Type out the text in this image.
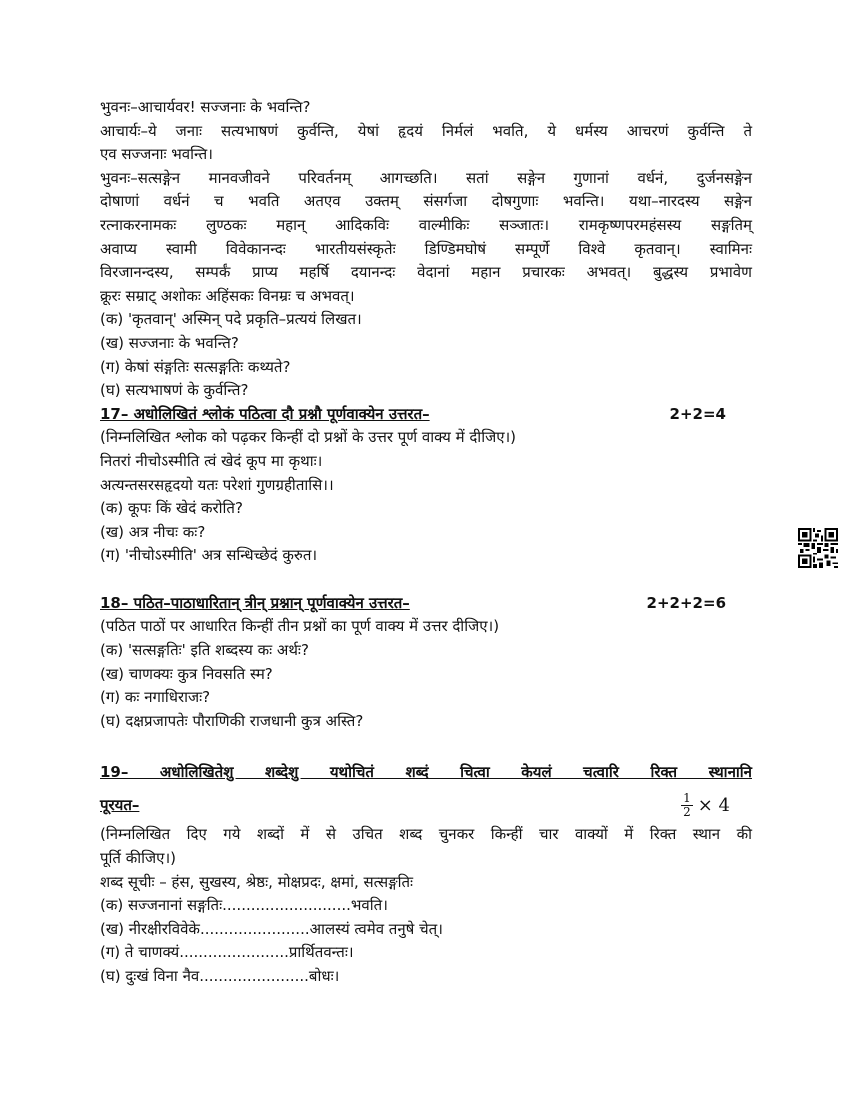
भुवनः–आचार्यवर! सज्जनाः के भवन्ति?
आचार्यः–ये जनाः सत्यभाषणं कुर्वन्ति, येषां हृदयं निर्मलं भवति, ये धर्मस्य आचरणं कुर्वन्ति ते
एव सज्जनाः भवन्ति।
भुवनः–सत्सङ्गेन मानवजीवने परिवर्तनम् आगच्छति। सतां सङ्गेन गुणानां वर्धनं, दुर्जनसङ्गेन
दोषाणां वर्धनं च भवति अतएव उक्तम् संसर्गजा दोषगुणाः भवन्ति। यथा–नारदस्य सङ्गेन
रत्नाकरनामकः लुण्ठकः महान् आदिकविः वाल्मीकिः सञ्जातः। रामकृष्णपरमहंसस्य सङ्गतिम्
अवाप्य स्वामी विवेकानन्दः भारतीयसंस्कृतेः डिण्डिमघोषं सम्पूर्णे विश्वे कृतवान्। स्वामिनः
विरजानन्दस्य, सम्पर्कं प्राप्य महर्षि दयानन्दः वेदानां महान प्रचारकः अभवत्। बुद्धस्य प्रभावेण
क्रूरः सम्राट् अशोकः अहिंसकः विनम्रः च अभवत्।
(क) 'कृतवान्' अस्मिन् पदे प्रकृति–प्रत्ययं लिखत।
(ख) सज्जनाः के भवन्ति?
(ग) केषां संङ्गतिः सत्सङ्गतिः कथ्यते?
(घ) सत्यभाषणं के कुर्वन्ति?
17– अधोलिखितं श्लोकं पठित्वा दौ प्रश्नौ पूर्णवाक्येन उत्तरत–	2+2=4
(निम्नलिखित श्लोक को पढ़कर किन्हीं दो प्रश्नों के उत्तर पूर्ण वाक्य में दीजिए।)
नितरां नीचोऽस्मीति त्वं खेदं कूप मा कृथाः।
अत्यन्तसरसहृदयो यतः परेशां गुणग्रहीतासि।।
(क) कूपः किं खेदं करोति?
(ख) अत्र नीचः कः?
(ग) 'नीचोऽस्मीति' अत्र सन्धिच्छेदं कुरुत।
18– पठित–पाठाधारितान् त्रीन् प्रश्नान् पूर्णवाक्येन उत्तरत–	2+2+2=6
(पठित पाठों पर आधारित किन्हीं तीन प्रश्नों का पूर्ण वाक्य में उत्तर दीजिए।)
(क) 'सत्सङ्गतिः' इति शब्दस्य कः अर्थः?
(ख) चाणक्यः कुत्र निवसति स्म?
(ग) कः नगाधिराजः?
(घ) दक्षप्रजापतेः पौराणिकी राजधानी कुत्र अस्ति?
19– अधोलिखितेशु शब्देशु यथोचितं शब्दं चित्वा केयलं चत्वारि रिक्त स्थानानि
पूरयत–	$\frac{1}{2} \times 4$
(निम्नलिखित दिए गये शब्दों में से उचित शब्द चुनकर किन्हीं चार वाक्यों में रिक्त स्थान की
पूर्ति कीजिए।)
शब्द सूचीः – हंस, सुखस्य, श्रेष्ठः, मोक्षप्रदः, क्षमां, सत्सङ्गतिः
(क) सज्जनानां सङ्गतिः...........................भवति।
(ख) नीरक्षीरविवेके.......................आलस्यं त्वमेव तनुषे चेत्।
(ग) ते चाणक्यं.......................प्रार्थितवन्तः।
(घ) दुःखं विना नैव.......................बोधः।
